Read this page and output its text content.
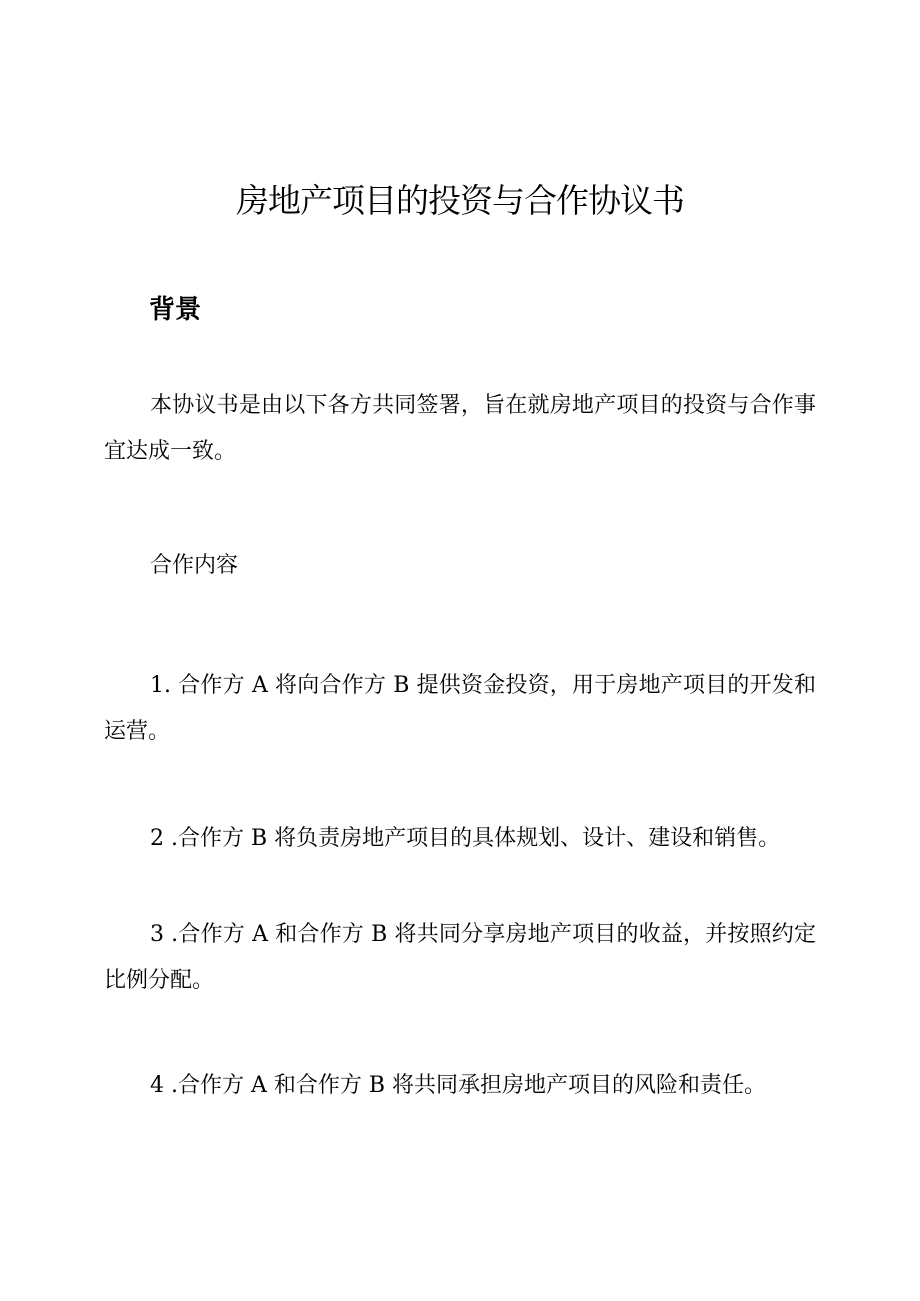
房地产项目的投资与合作协议书
背景

本协议书是由以下各方共同签署，旨在就房地产项目的投资与合作事宜达成一致。

合作内容

1. 合作方 A 将向合作方 B 提供资金投资，用于房地产项目的开发和运营。

2 .合作方 B 将负责房地产项目的具体规划、设计、建设和销售。

3 .合作方 A 和合作方 B 将共同分享房地产项目的收益，并按照约定比例分配。

4 .合作方 A 和合作方 B 将共同承担房地产项目的风险和责任。
